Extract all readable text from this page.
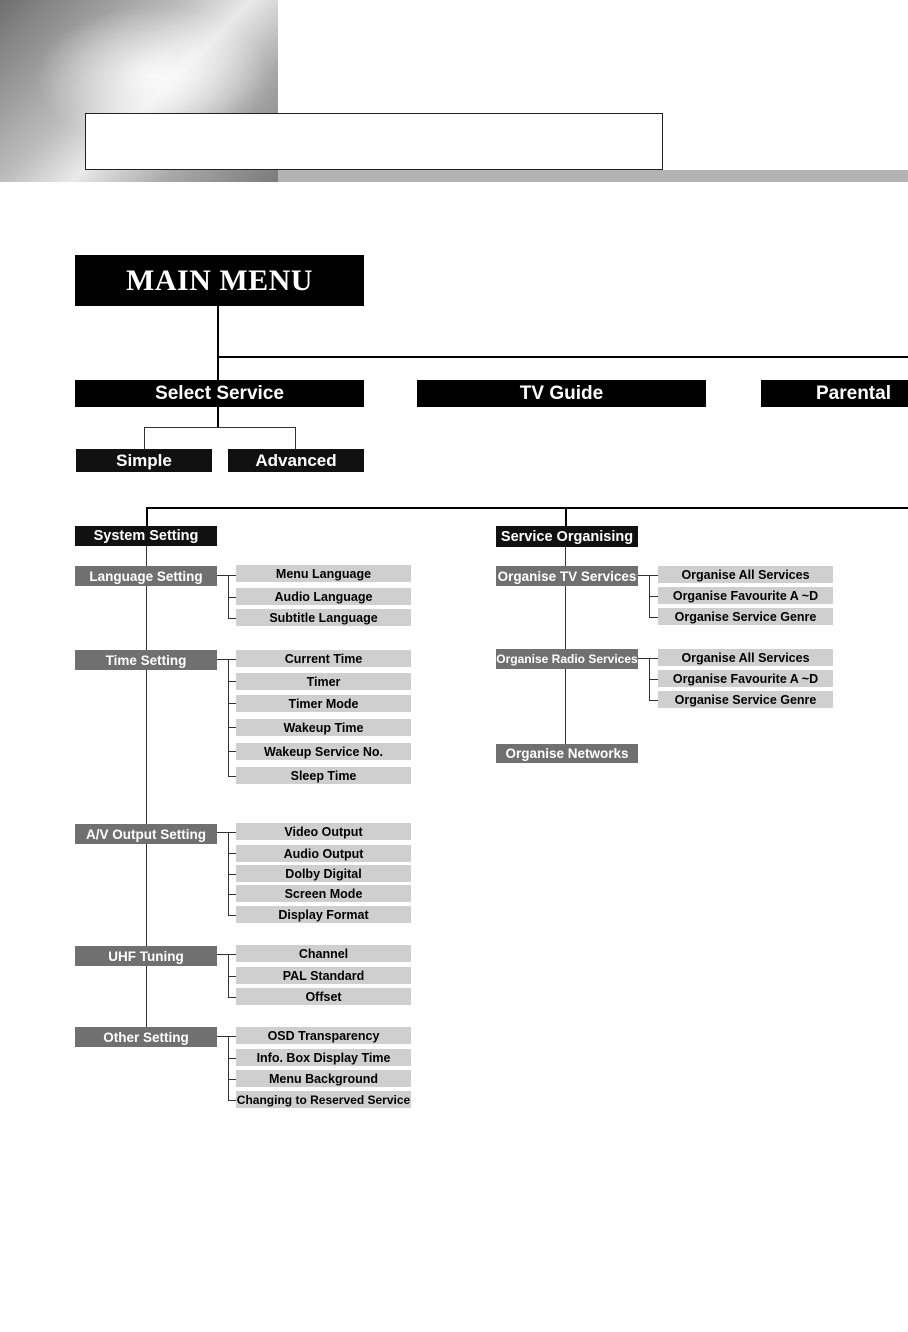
MAIN MENU
Select Service	TV Guide	Parental
Simple	Advanced
System Setting
Language Setting	Menu Language
Audio Language
Subtitle Language
Time Setting	Current Time
Timer
Timer Mode
Wakeup Time
Wakeup Service No.
Sleep Time
A/V Output Setting	Video Output
Audio Output
Dolby Digital
Screen Mode
Display Format
UHF Tuning	Channel
PAL Standard
Offset
Other Setting	OSD Transparency
Info. Box Display Time
Menu Background
Changing to Reserved Service
Service Organising
Organise TV Services	Organise All Services
Organise Favourite A ~D
Organise Service Genre
Organise Radio Services	Organise All Services
Organise Favourite A ~D
Organise Service Genre
Organise Networks
